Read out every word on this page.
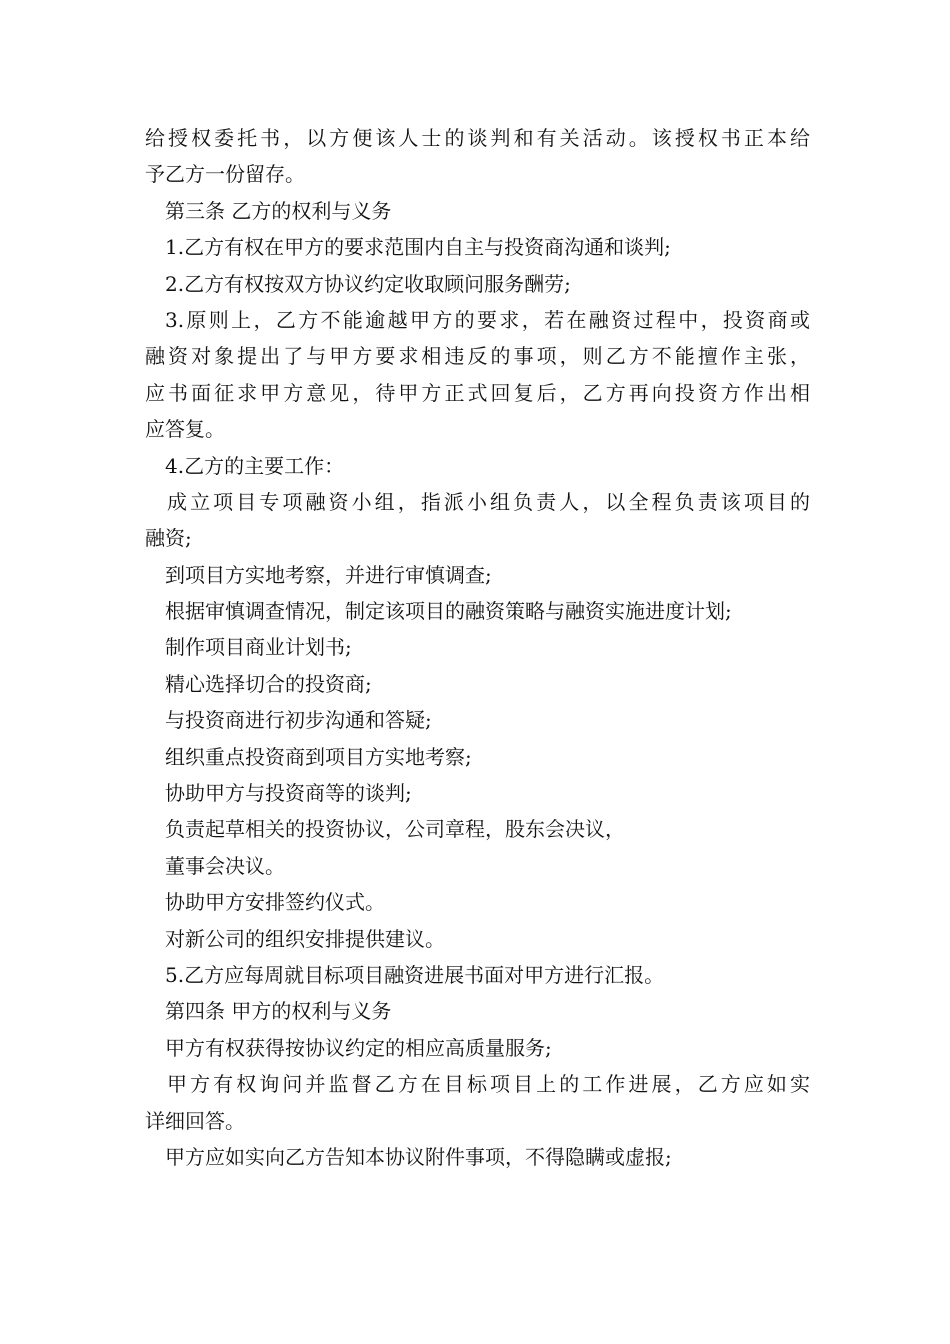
给授权委托书，以方便该人士的谈判和有关活动。该授权书正本给
予乙方一份留存。
第三条 乙方的权利与义务
1.乙方有权在甲方的要求范围内自主与投资商沟通和谈判;
2.乙方有权按双方协议约定收取顾问服务酬劳;
3.原则上，乙方不能逾越甲方的要求，若在融资过程中，投资商或
融资对象提出了与甲方要求相违反的事项，则乙方不能擅作主张，
应书面征求甲方意见，待甲方正式回复后，乙方再向投资方作出相
应答复。
4.乙方的主要工作：
成立项目专项融资小组，指派小组负责人，以全程负责该项目的
融资;
到项目方实地考察，并进行审慎调查;
根据审慎调查情况，制定该项目的融资策略与融资实施进度计划;
制作项目商业计划书;
精心选择切合的投资商;
与投资商进行初步沟通和答疑;
组织重点投资商到项目方实地考察;
协助甲方与投资商等的谈判;
负责起草相关的投资协议，公司章程，股东会决议，
董事会决议。
协助甲方安排签约仪式。
对新公司的组织安排提供建议。
5.乙方应每周就目标项目融资进展书面对甲方进行汇报。
第四条 甲方的权利与义务
甲方有权获得按协议约定的相应高质量服务;
甲方有权询问并监督乙方在目标项目上的工作进展，乙方应如实
详细回答。
甲方应如实向乙方告知本协议附件事项，不得隐瞒或虚报;
